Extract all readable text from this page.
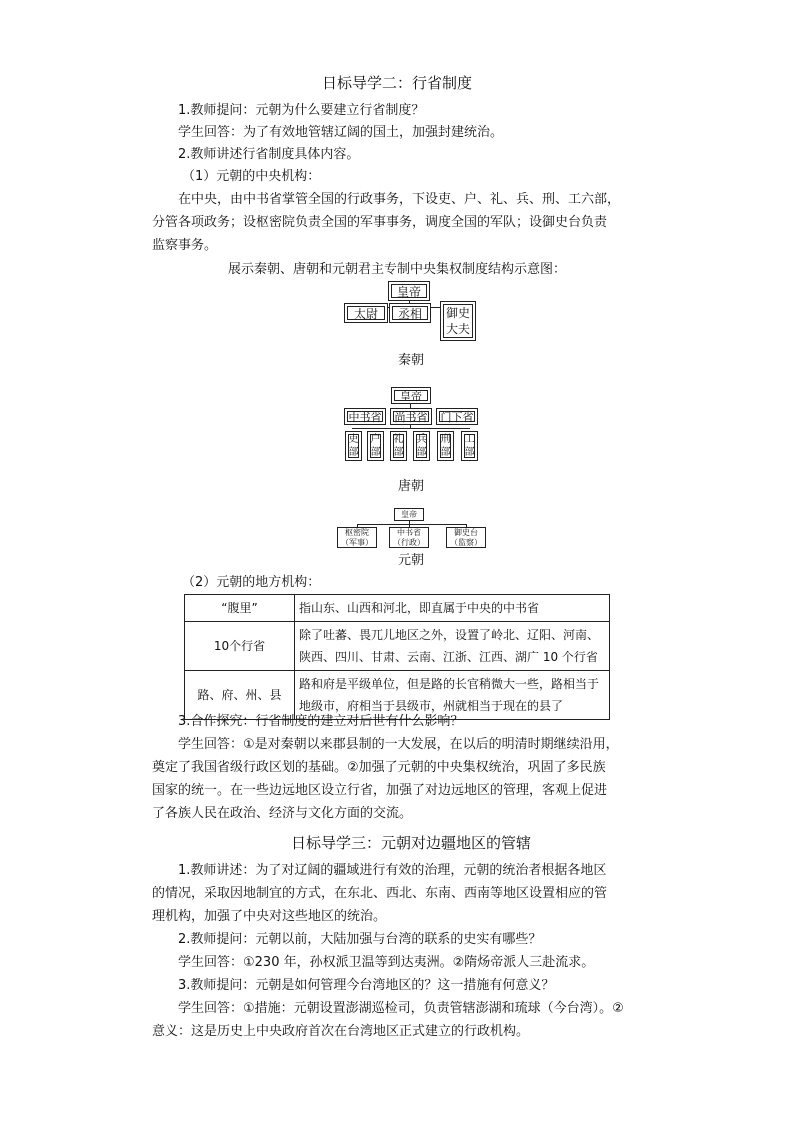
日标导学二：行省制度
1.教师提问：元朝为什么要建立行省制度？
学生回答：为了有效地管辖辽阔的国土，加强封建统治。
2.教师讲述行省制度具体内容。
（1）元朝的中央机构：
在中央，由中书省掌管全国的行政事务，下设吏、户、礼、兵、刑、工六部，
分管各项政务；设枢密院负责全国的军事事务，调度全国的军队；设御史台负责
监察事务。
展示秦朝、唐朝和元朝君主专制中央集权制度结构示意图：
皇帝
太尉	丞相	御史
大夫
秦朝
皇帝
中书省	尚书省	门下省
吏
部
户
部
礼
部
兵
部
刑
部
工
部
唐朝
皇帝
枢密院
（军事）
中书省
（行政）
御史台
（监察）
元朝
（2）元朝的地方机构：
“腹里”	指山东、山西和河北，即直属于中央的中书省

10个行省	除了吐蕃、畏兀儿地区之外，设置了岭北、辽阳、河南、
陕西、四川、甘肃、云南、江浙、江西、湖广 10 个行省

路、府、州、县	路和府是平级单位，但是路的长官稍微大一些，路相当于
地级市，府相当于县级市，州就相当于现在的县了
3.合作探究：行省制度的建立对后世有什么影响？
学生回答：①是对秦朝以来郡县制的一大发展，在以后的明清时期继续沿用，
奠定了我国省级行政区划的基础。②加强了元朝的中央集权统治，巩固了多民族
国家的统一。在一些边远地区设立行省，加强了对边远地区的管理，客观上促进
了各族人民在政治、经济与文化方面的交流。
日标导学三：元朝对边疆地区的管辖
1.教师讲述：为了对辽阔的疆域进行有效的治理，元朝的统治者根据各地区
的情况，采取因地制宜的方式，在东北、西北、东南、西南等地区设置相应的管
理机构，加强了中央对这些地区的统治。
2.教师提问：元朝以前，大陆加强与台湾的联系的史实有哪些？
学生回答：①230 年，孙权派卫温等到达夷洲。②隋炀帝派人三赴流求。
3.教师提问：元朝是如何管理今台湾地区的？这一措施有何意义？
学生回答：①措施：元朝设置澎湖巡检司，负责管辖澎湖和琉球（今台湾）。②
意义：这是历史上中央政府首次在台湾地区正式建立的行政机构。
